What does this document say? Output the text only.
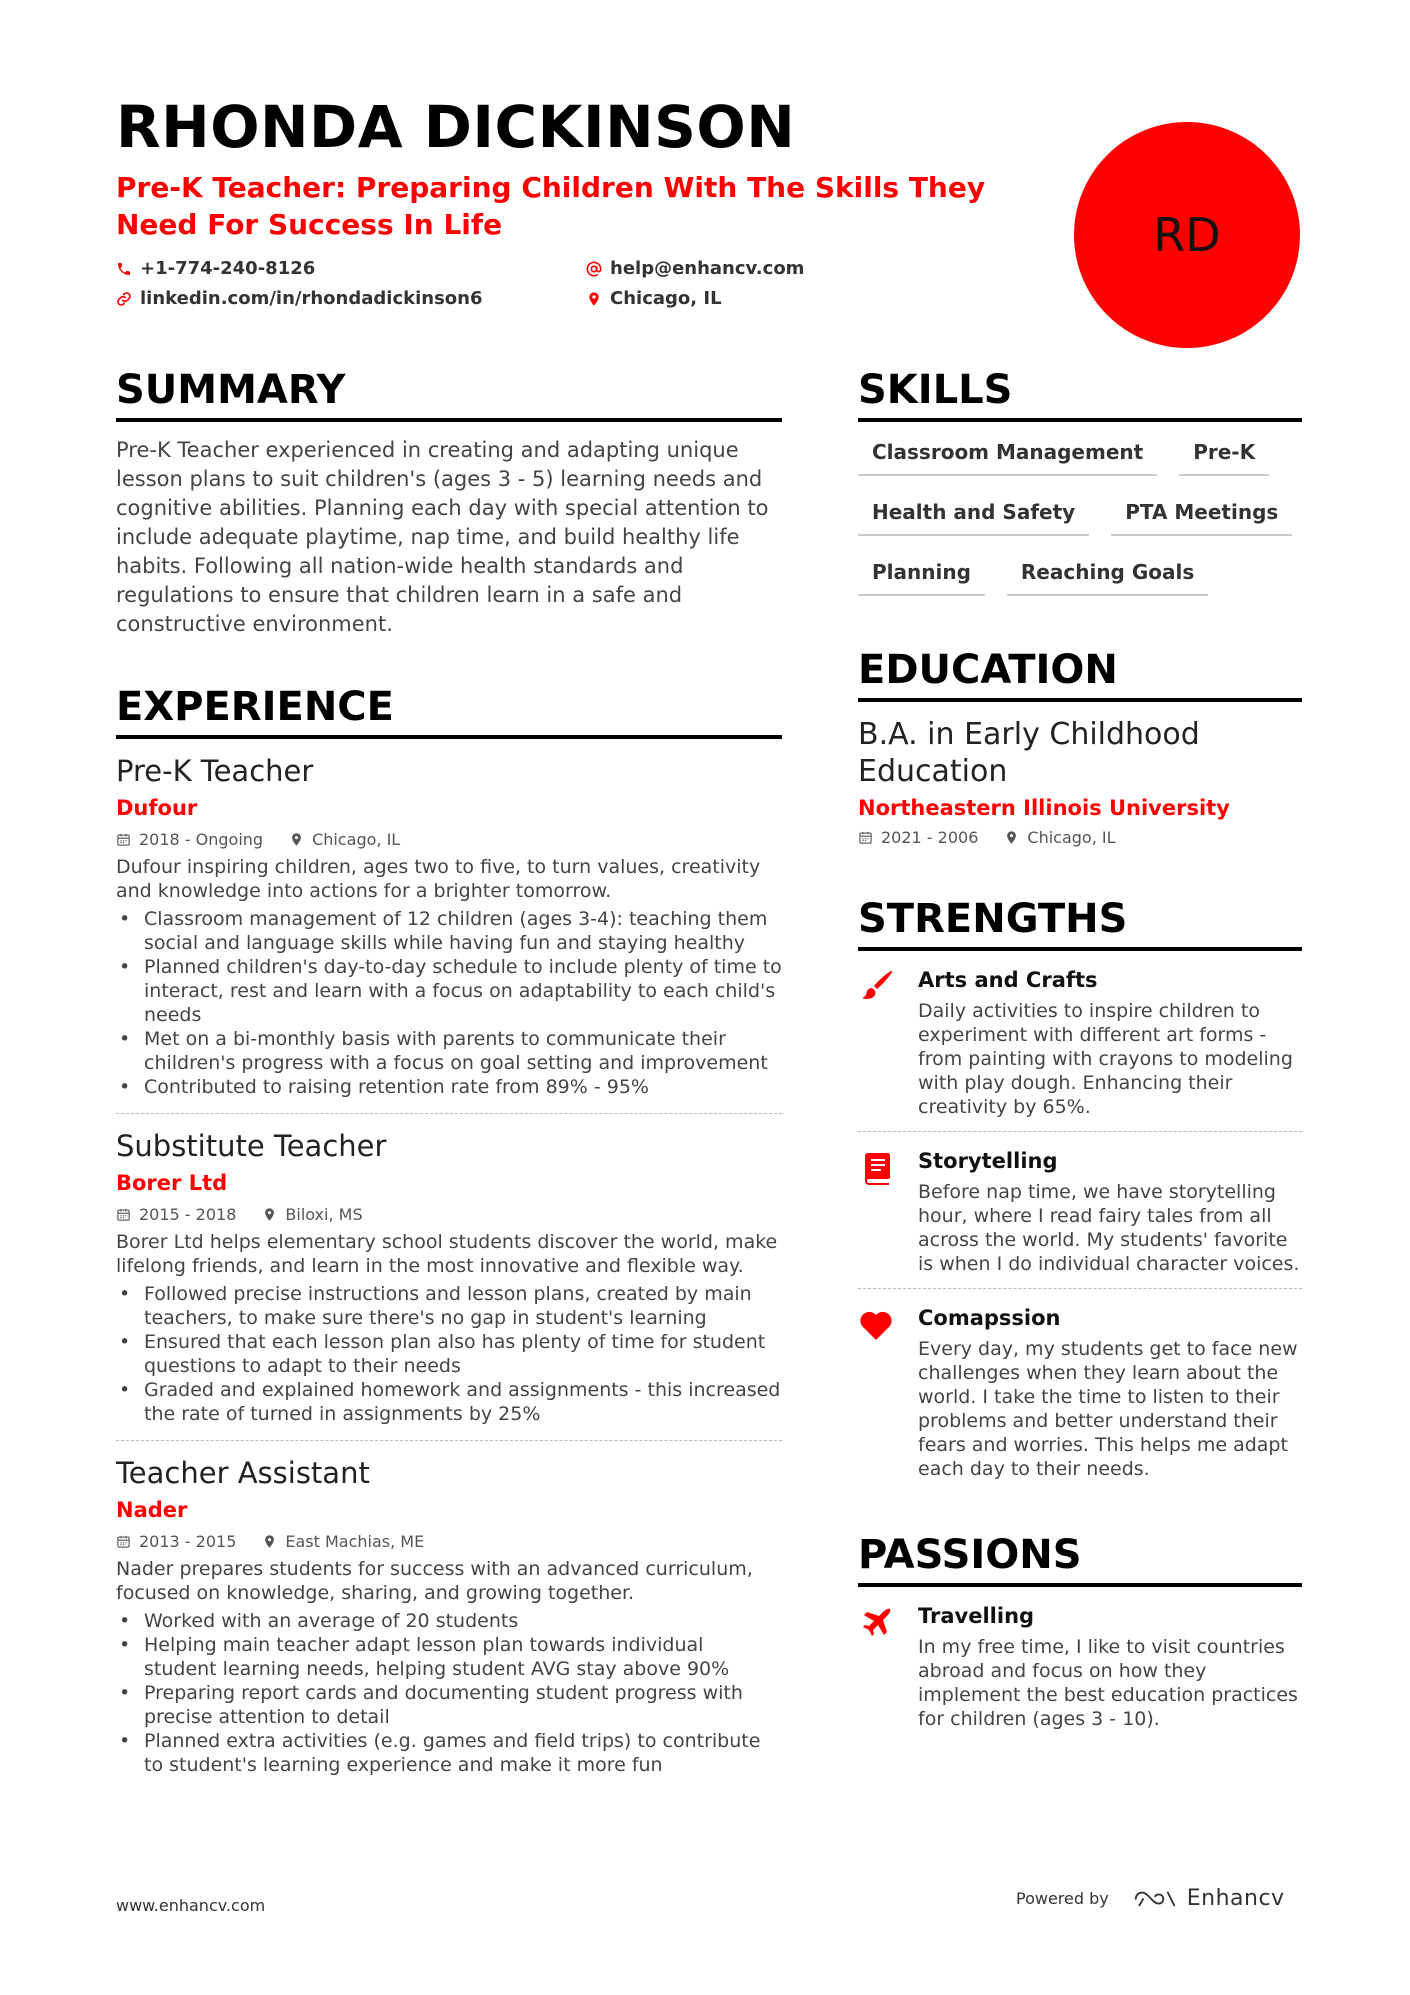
RHONDA DICKINSON
Pre-K Teacher: Preparing Children With The Skills They Need For Success In Life
+1-774-240-8126	help@enhancv.com
linkedin.com/in/rhondadickinson6	Chicago, IL
RD
SUMMARY
Pre-K Teacher experienced in creating and adapting unique lesson plans to suit children's (ages 3 - 5) learning needs and cognitive abilities. Planning each day with special attention to include adequate playtime, nap time, and build healthy life habits. Following all nation-wide health standards and regulations to ensure that children learn in a safe and constructive environment.
EXPERIENCE
Pre-K Teacher
Dufour
2018 - Ongoing	Chicago, IL
Dufour inspiring children, ages two to five, to turn values, creativity and knowledge into actions for a brighter tomorrow.
• Classroom management of 12 children (ages 3-4): teaching them social and language skills while having fun and staying healthy
• Planned children's day-to-day schedule to include plenty of time to interact, rest and learn with a focus on adaptability to each child's needs
• Met on a bi-monthly basis with parents to communicate their children's progress with a focus on goal setting and improvement
• Contributed to raising retention rate from 89% - 95%
Substitute Teacher
Borer Ltd
2015 - 2018	Biloxi, MS
Borer Ltd helps elementary school students discover the world, make lifelong friends, and learn in the most innovative and flexible way.
• Followed precise instructions and lesson plans, created by main teachers, to make sure there's no gap in student's learning
• Ensured that each lesson plan also has plenty of time for student questions to adapt to their needs
• Graded and explained homework and assignments - this increased the rate of turned in assignments by 25%
Teacher Assistant
Nader
2013 - 2015	East Machias, ME
Nader prepares students for success with an advanced curriculum, focused on knowledge, sharing, and growing together.
• Worked with an average of 20 students
• Helping main teacher adapt lesson plan towards individual student learning needs, helping student AVG stay above 90%
• Preparing report cards and documenting student progress with precise attention to detail
• Planned extra activities (e.g. games and field trips) to contribute to student's learning experience and make it more fun
SKILLS
Classroom Management	Pre-K
Health and Safety	PTA Meetings
Planning	Reaching Goals
EDUCATION
B.A. in Early Childhood Education
Northeastern Illinois University
2021 - 2006	Chicago, IL
STRENGTHS
Arts and Crafts
Daily activities to inspire children to experiment with different art forms - from painting with crayons to modeling with play dough. Enhancing their creativity by 65%.
Storytelling
Before nap time, we have storytelling hour, where I read fairy tales from all across the world. My students' favorite is when I do individual character voices.
Comapssion
Every day, my students get to face new challenges when they learn about the world. I take the time to listen to their problems and better understand their fears and worries. This helps me adapt each day to their needs.
PASSIONS
Travelling
In my free time, I like to visit countries abroad and focus on how they implement the best education practices for children (ages 3 - 10).
www.enhancv.com	Powered by	Enhancv
